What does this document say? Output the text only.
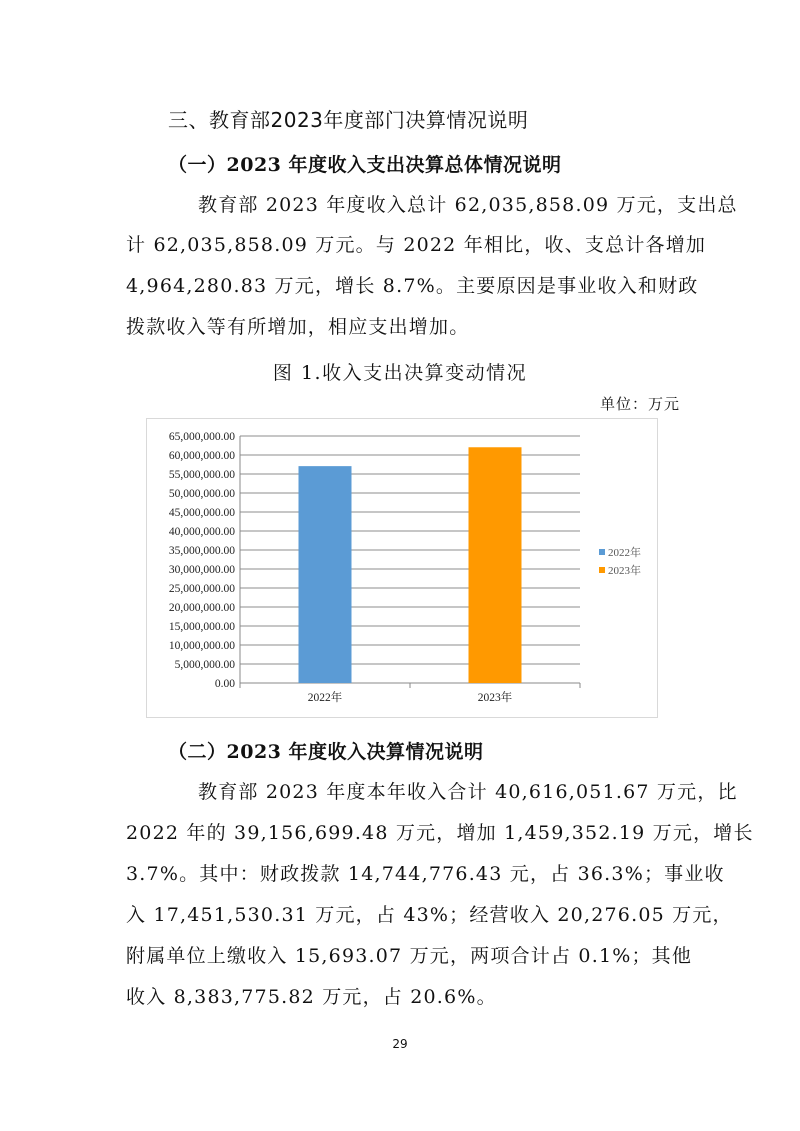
三、教育部2023年度部门决算情况说明
（一）2023 年度收入支出决算总体情况说明
教育部 2023 年度收入总计 62,035,858.09 万元，支出总
计 62,035,858.09 万元。与 2022 年相比，收、支总计各增加
4,964,280.83 万元，增长 8.7%。主要原因是事业收入和财政
拨款收入等有所增加，相应支出增加。
图 1.收入支出决算变动情况
单位：万元
0.00
5,000,000.00
10,000,000.00
15,000,000.00
20,000,000.00
25,000,000.00
30,000,000.00
35,000,000.00
40,000,000.00
45,000,000.00
50,000,000.00
55,000,000.00
60,000,000.00
65,000,000.00
2022年	2023年
2022年
2023年
（二）2023 年度收入决算情况说明
教育部 2023 年度本年收入合计 40,616,051.67 万元，比
2022 年的 39,156,699.48 万元，增加 1,459,352.19 万元，增长
3.7%。其中：财政拨款 14,744,776.43 元，占 36.3%；事业收
入 17,451,530.31 万元，占 43%；经营收入 20,276.05 万元，
附属单位上缴收入 15,693.07 万元，两项合计占 0.1%；其他
收入 8,383,775.82 万元，占 20.6%。
29
